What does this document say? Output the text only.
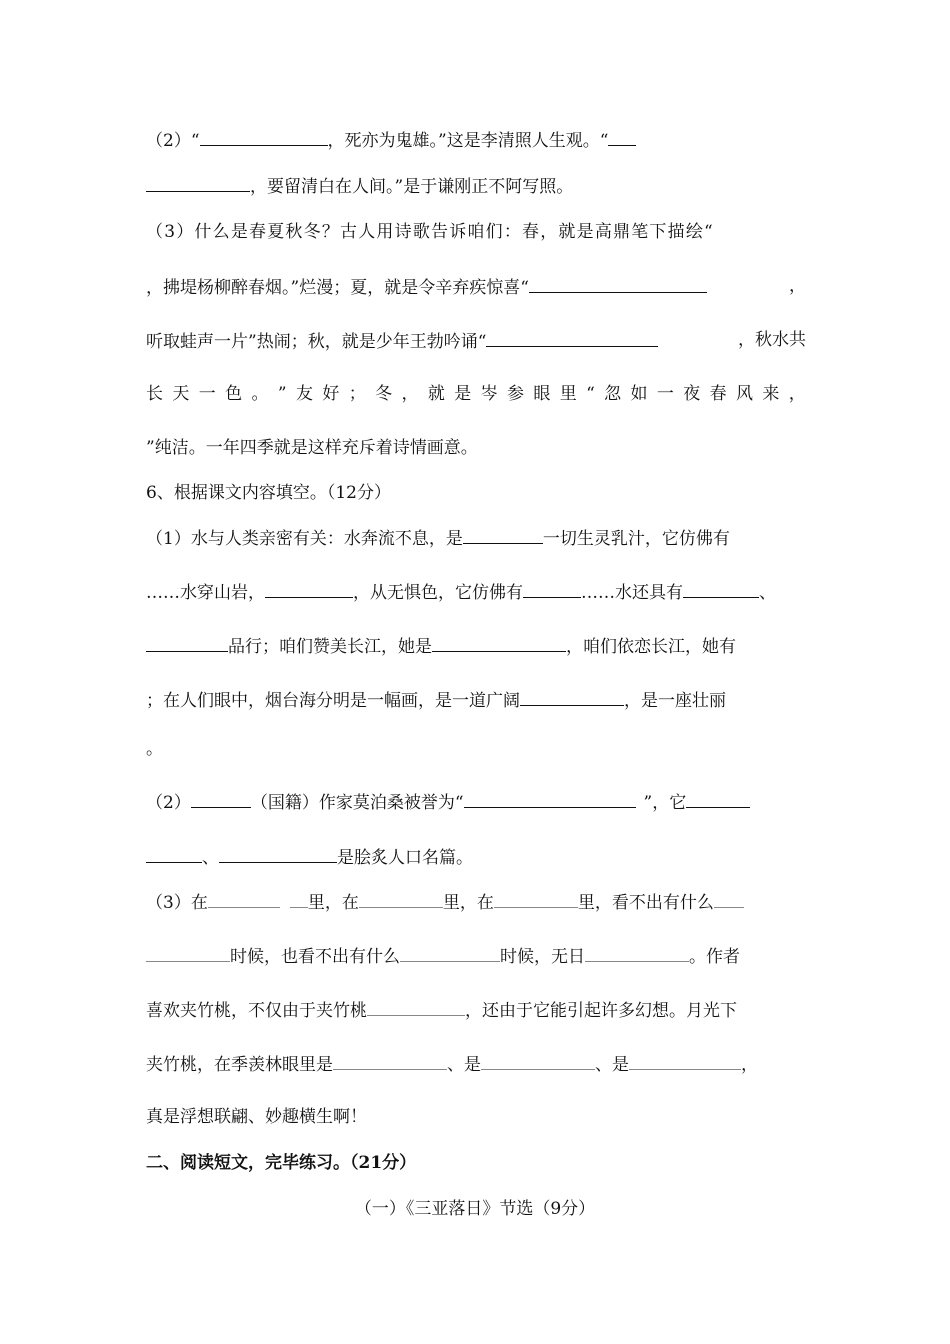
（2）“	，死亦为鬼雄。”这是李清照人生观。“
，要留清白在人间。”是于谦刚正不阿写照。
（3）什么是春夏秋冬？古人用诗歌告诉咱们：春，就是高鼎笔下描绘“
，拂堤杨柳醉春烟。”烂漫；夏，就是令辛弃疾惊喜“	，
听取蛙声一片”热闹；秋，就是少年王勃吟诵“	，秋水共
长 天 一 色 。 ” 友 好 ； 冬 ， 就 是 岑 参 眼 里 “ 忽 如 一 夜 春 风 来 ，
”纯洁。一年四季就是这样充斥着诗情画意。
6、根据课文内容填空。（12分）
（1）水与人类亲密有关：水奔流不息，是	一切生灵乳汁，它仿佛有
……水穿山岩，	，从无惧色，它仿佛有	……水还具有	、
品行；咱们赞美长江，她是	，咱们依恋长江，她有
；在人们眼中，烟台海分明是一幅画，是一道广阔	，是一座壮丽
。
（2）	（国籍）作家莫泊桑被誉为“	”，它
、	是脍炙人口名篇。
（3）在	里，在	里，在	里，看不出有什么
时候，也看不出有什么	时候，无日	。作者
喜欢夹竹桃，不仅由于夹竹桃	，还由于它能引起许多幻想。月光下
夹竹桃，在季羡林眼里是	、是	、是	，
真是浮想联翩、妙趣横生啊！
二、阅读短文，完毕练习。（21分）
（一）《三亚落日》节选（9分）
